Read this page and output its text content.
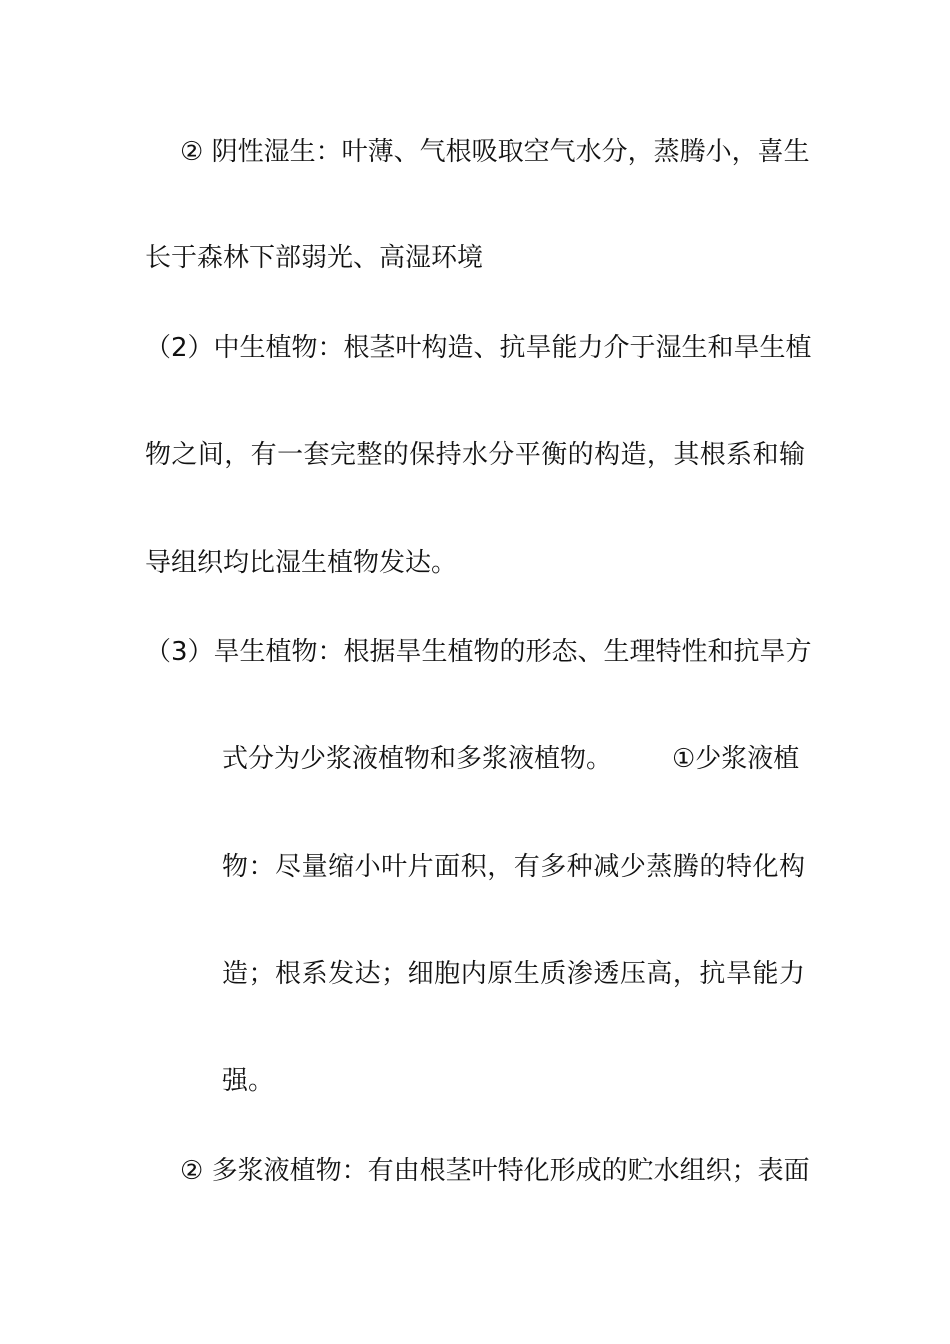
② 阴性湿生：叶薄、气根吸取空气水分，蒸腾小，喜生
长于森林下部弱光、高湿环境
（2）中生植物：根茎叶构造、抗旱能力介于湿生和旱生植
物之间，有一套完整的保持水分平衡的构造，其根系和输
导组织均比湿生植物发达。
（3）旱生植物：根据旱生植物的形态、生理特性和抗旱方
式分为少浆液植物和多浆液植物。 ①少浆液植
物：尽量缩小叶片面积，有多种减少蒸腾的特化构
造；根系发达；细胞内原生质渗透压高，抗旱能力
强。
② 多浆液植物：有由根茎叶特化形成的贮水组织；表面
